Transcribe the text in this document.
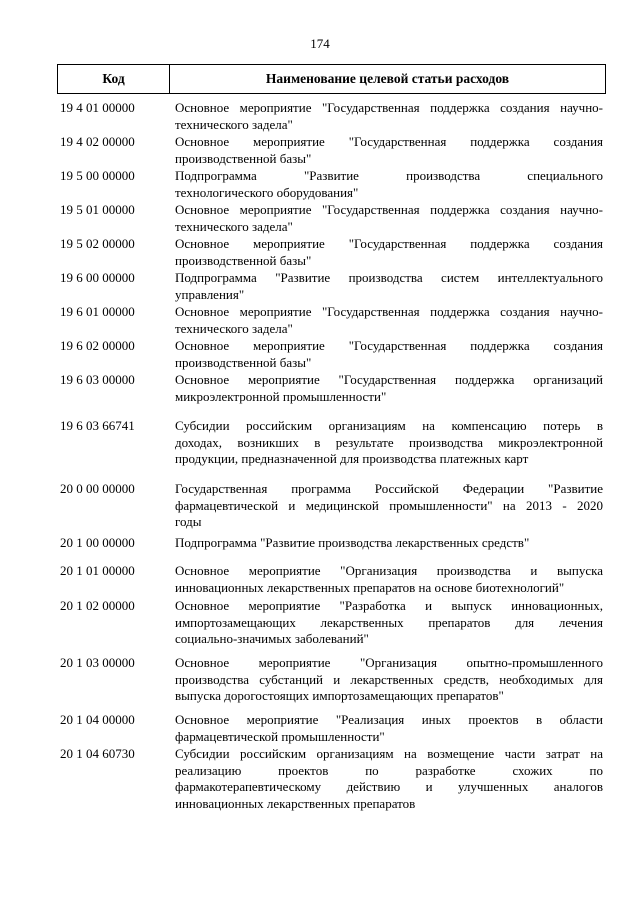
174
Код	Наименование целевой статьи расходов
19 4 01 00000	Основное мероприятие "Государственная поддержка создания научно-
технического задела"
19 4 02 00000	Основное мероприятие "Государственная поддержка создания
производственной базы"
19 5 00 00000	Подпрограмма "Развитие производства специального
технологического оборудования"
19 5 01 00000	Основное мероприятие "Государственная поддержка создания научно-
технического задела"
19 5 02 00000	Основное мероприятие "Государственная поддержка создания
производственной базы"
19 6 00 00000	Подпрограмма "Развитие производства систем интеллектуального
управления"
19 6 01 00000	Основное мероприятие "Государственная поддержка создания научно-
технического задела"
19 6 02 00000	Основное мероприятие "Государственная поддержка создания
производственной базы"
19 6 03 00000	Основное мероприятие "Государственная поддержка организаций
микроэлектронной промышленности"
19 6 03 66741	Субсидии российским организациям на компенсацию потерь в
доходах, возникших в результате производства микроэлектронной
продукции, предназначенной для производства платежных карт
20 0 00 00000	Государственная программа Российской Федерации "Развитие
фармацевтической и медицинской промышленности" на 2013 - 2020
годы
20 1 00 00000	Подпрограмма "Развитие производства лекарственных средств"
20 1 01 00000	Основное мероприятие "Организация производства и выпуска
инновационных лекарственных препаратов на основе биотехнологий"
20 1 02 00000	Основное мероприятие "Разработка и выпуск инновационных,
импортозамещающих лекарственных препаратов для лечения
социально-значимых заболеваний"
20 1 03 00000	Основное мероприятие "Организация опытно-промышленного
производства субстанций и лекарственных средств, необходимых для
выпуска дорогостоящих импортозамещающих препаратов"
20 1 04 00000	Основное мероприятие "Реализация иных проектов в области
фармацевтической промышленности"
20 1 04 60730	Субсидии российским организациям на возмещение части затрат на
реализацию проектов по разработке схожих по
фармакотерапевтическому действию и улучшенных аналогов
инновационных лекарственных препаратов
